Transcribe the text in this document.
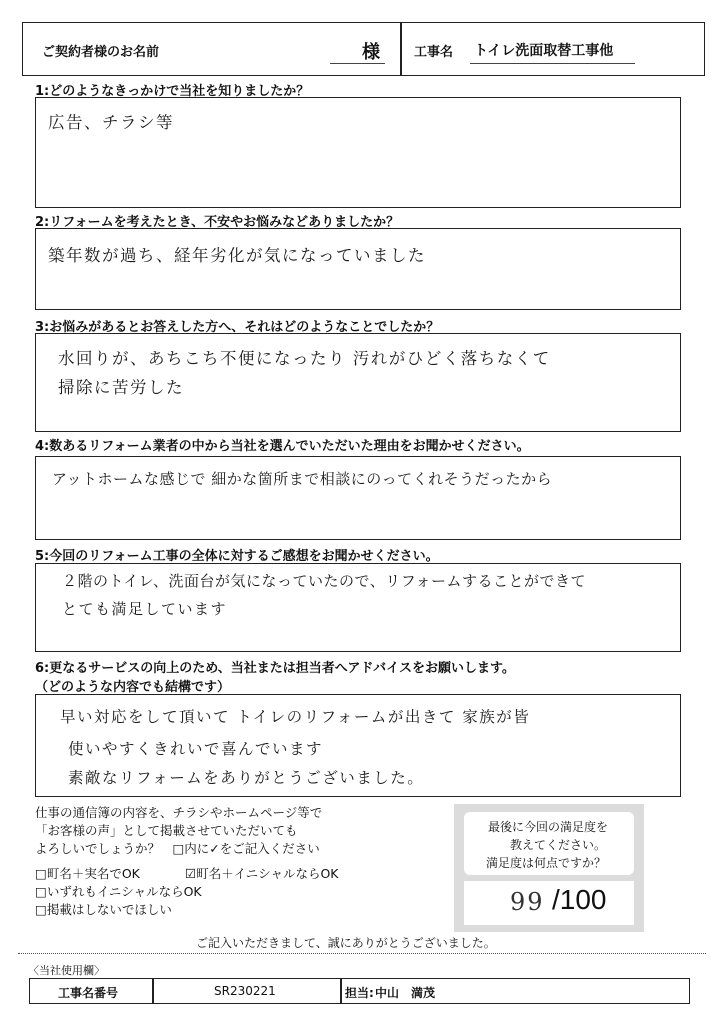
ご契約者様のお名前	様	工事名 トイレ洗面取替工事他
1:どのようなきっかけで当社を知りましたか？
広告、チラシ等
2:リフォームを考えたとき、不安やお悩みなどありましたか？
築年数が過ち、経年劣化が気になっていました
3:お悩みがあるとお答えした方へ、それはどのようなことでしたか？
水回りが、あちこち不便になったり 汚れがひどく落ちなくて
掃除に苦労した
4:数あるリフォーム業者の中から当社を選んでいただいた理由をお聞かせください。
アットホームな感じで 細かな箇所まで相談にのってくれそうだったから
5:今回のリフォーム工事の全体に対するご感想をお聞かせください。
２階のトイレ、洗面台が気になっていたので、リフォームすることができて
とても満足しています
6:更なるサービスの向上のため、当社または担当者へアドバイスをお願いします。
（どのような内容でも結構です）
早い対応をして頂いて トイレのリフォームが出きて 家族が皆
使いやすくきれいで喜んでいます
素敵なリフォームをありがとうございました。
仕事の通信簿の内容を、チラシやホームページ等で
「お客様の声」として掲載させていただいても
よろしいでしょうか？　□内に✓をご記入ください
□町名＋実名でOK	☑町名＋イニシャルならOK
□いずれもイニシャルならOK
□掲載はしないでほしい
最後に今回の満足度を
教えてください。
満足度は何点ですか？
99 /100
ご記入いただきまして、誠にありがとうございました。
〈当社使用欄〉
工事名番号	SR230221	担当: 中山　満茂
